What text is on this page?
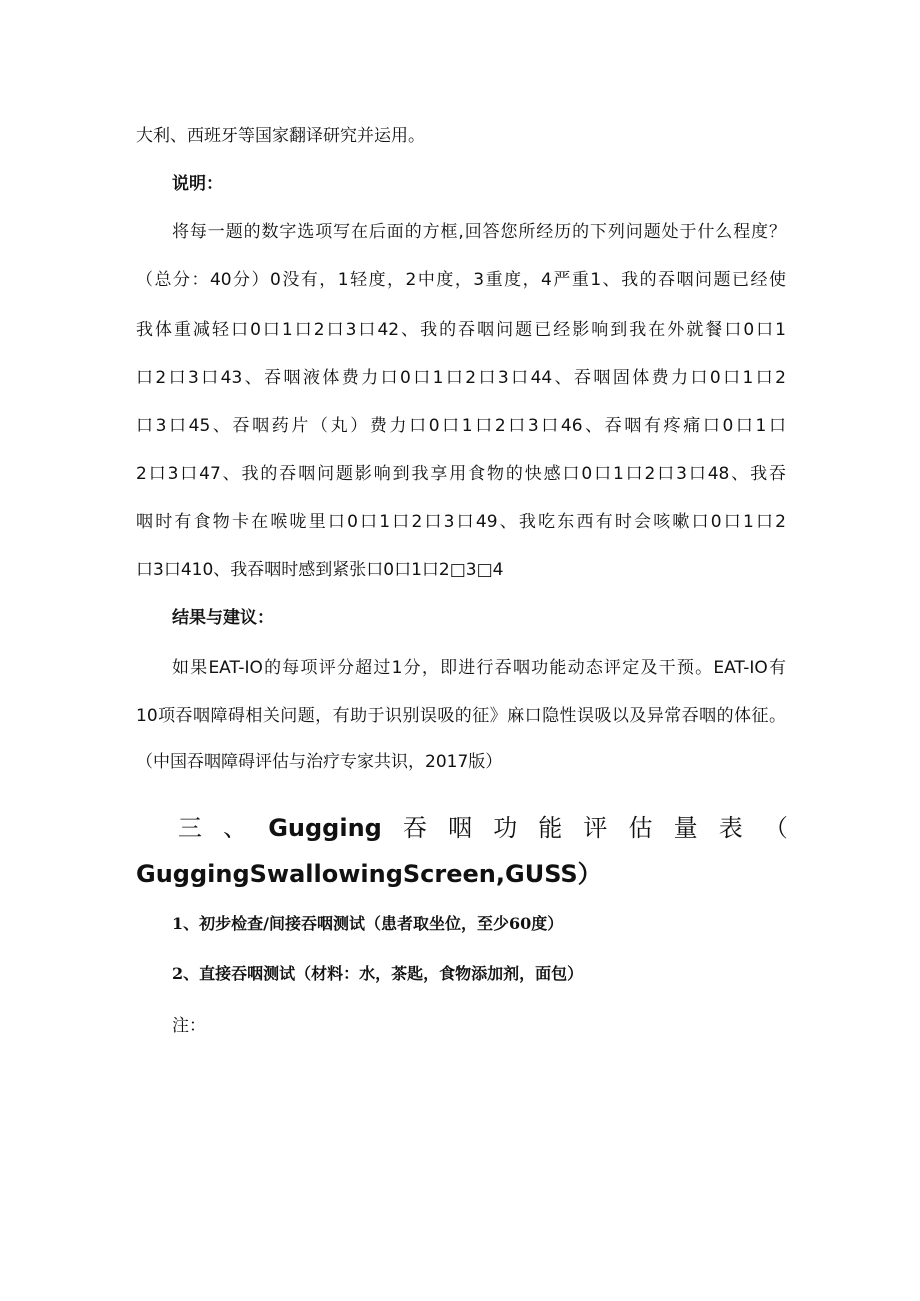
大利、西班牙等国家翻译研究并运用。
说明：
将每一题的数字选项写在后面的方框,回答您所经历的下列问题处于什么程度？
（总分：40分）0没有，1轻度，2中度，3重度，4严重1、我的吞咽问题已经使
我体重减轻口0口1口2口3口42、我的吞咽问题已经影响到我在外就餐口0口1
口2口3口43、吞咽液体费力口0口1口2口3口44、吞咽固体费力口0口1口2
口3口45、吞咽药片（丸）费力口0口1口2口3口46、吞咽有疼痛口0口1口
2口3口47、我的吞咽问题影响到我享用食物的快感口0口1口2口3口48、我吞
咽时有食物卡在喉咙里口0口1口2口3口49、我吃东西有时会咳嗽口0口1口2
口3口410、我吞咽时感到紧张口0口1口2□3□4
结果与建议：
如果EAT-IO的每项评分超过1分，即进行吞咽功能动态评定及干预。EAT-IO有
10项吞咽障碍相关问题，有助于识别误吸的征》麻口隐性误吸以及异常吞咽的体征。
（中国吞咽障碍评估与治疗专家共识，2017版）
三 、 Gugging 吞 咽 功 能 评 估 量 表 （
GuggingSwallowingScreen,GUSS）
1、初步检查/间接吞咽测试（患者取坐位，至少60度）
2、直接吞咽测试（材料：水，茶匙，食物添加剂，面包）
注：
